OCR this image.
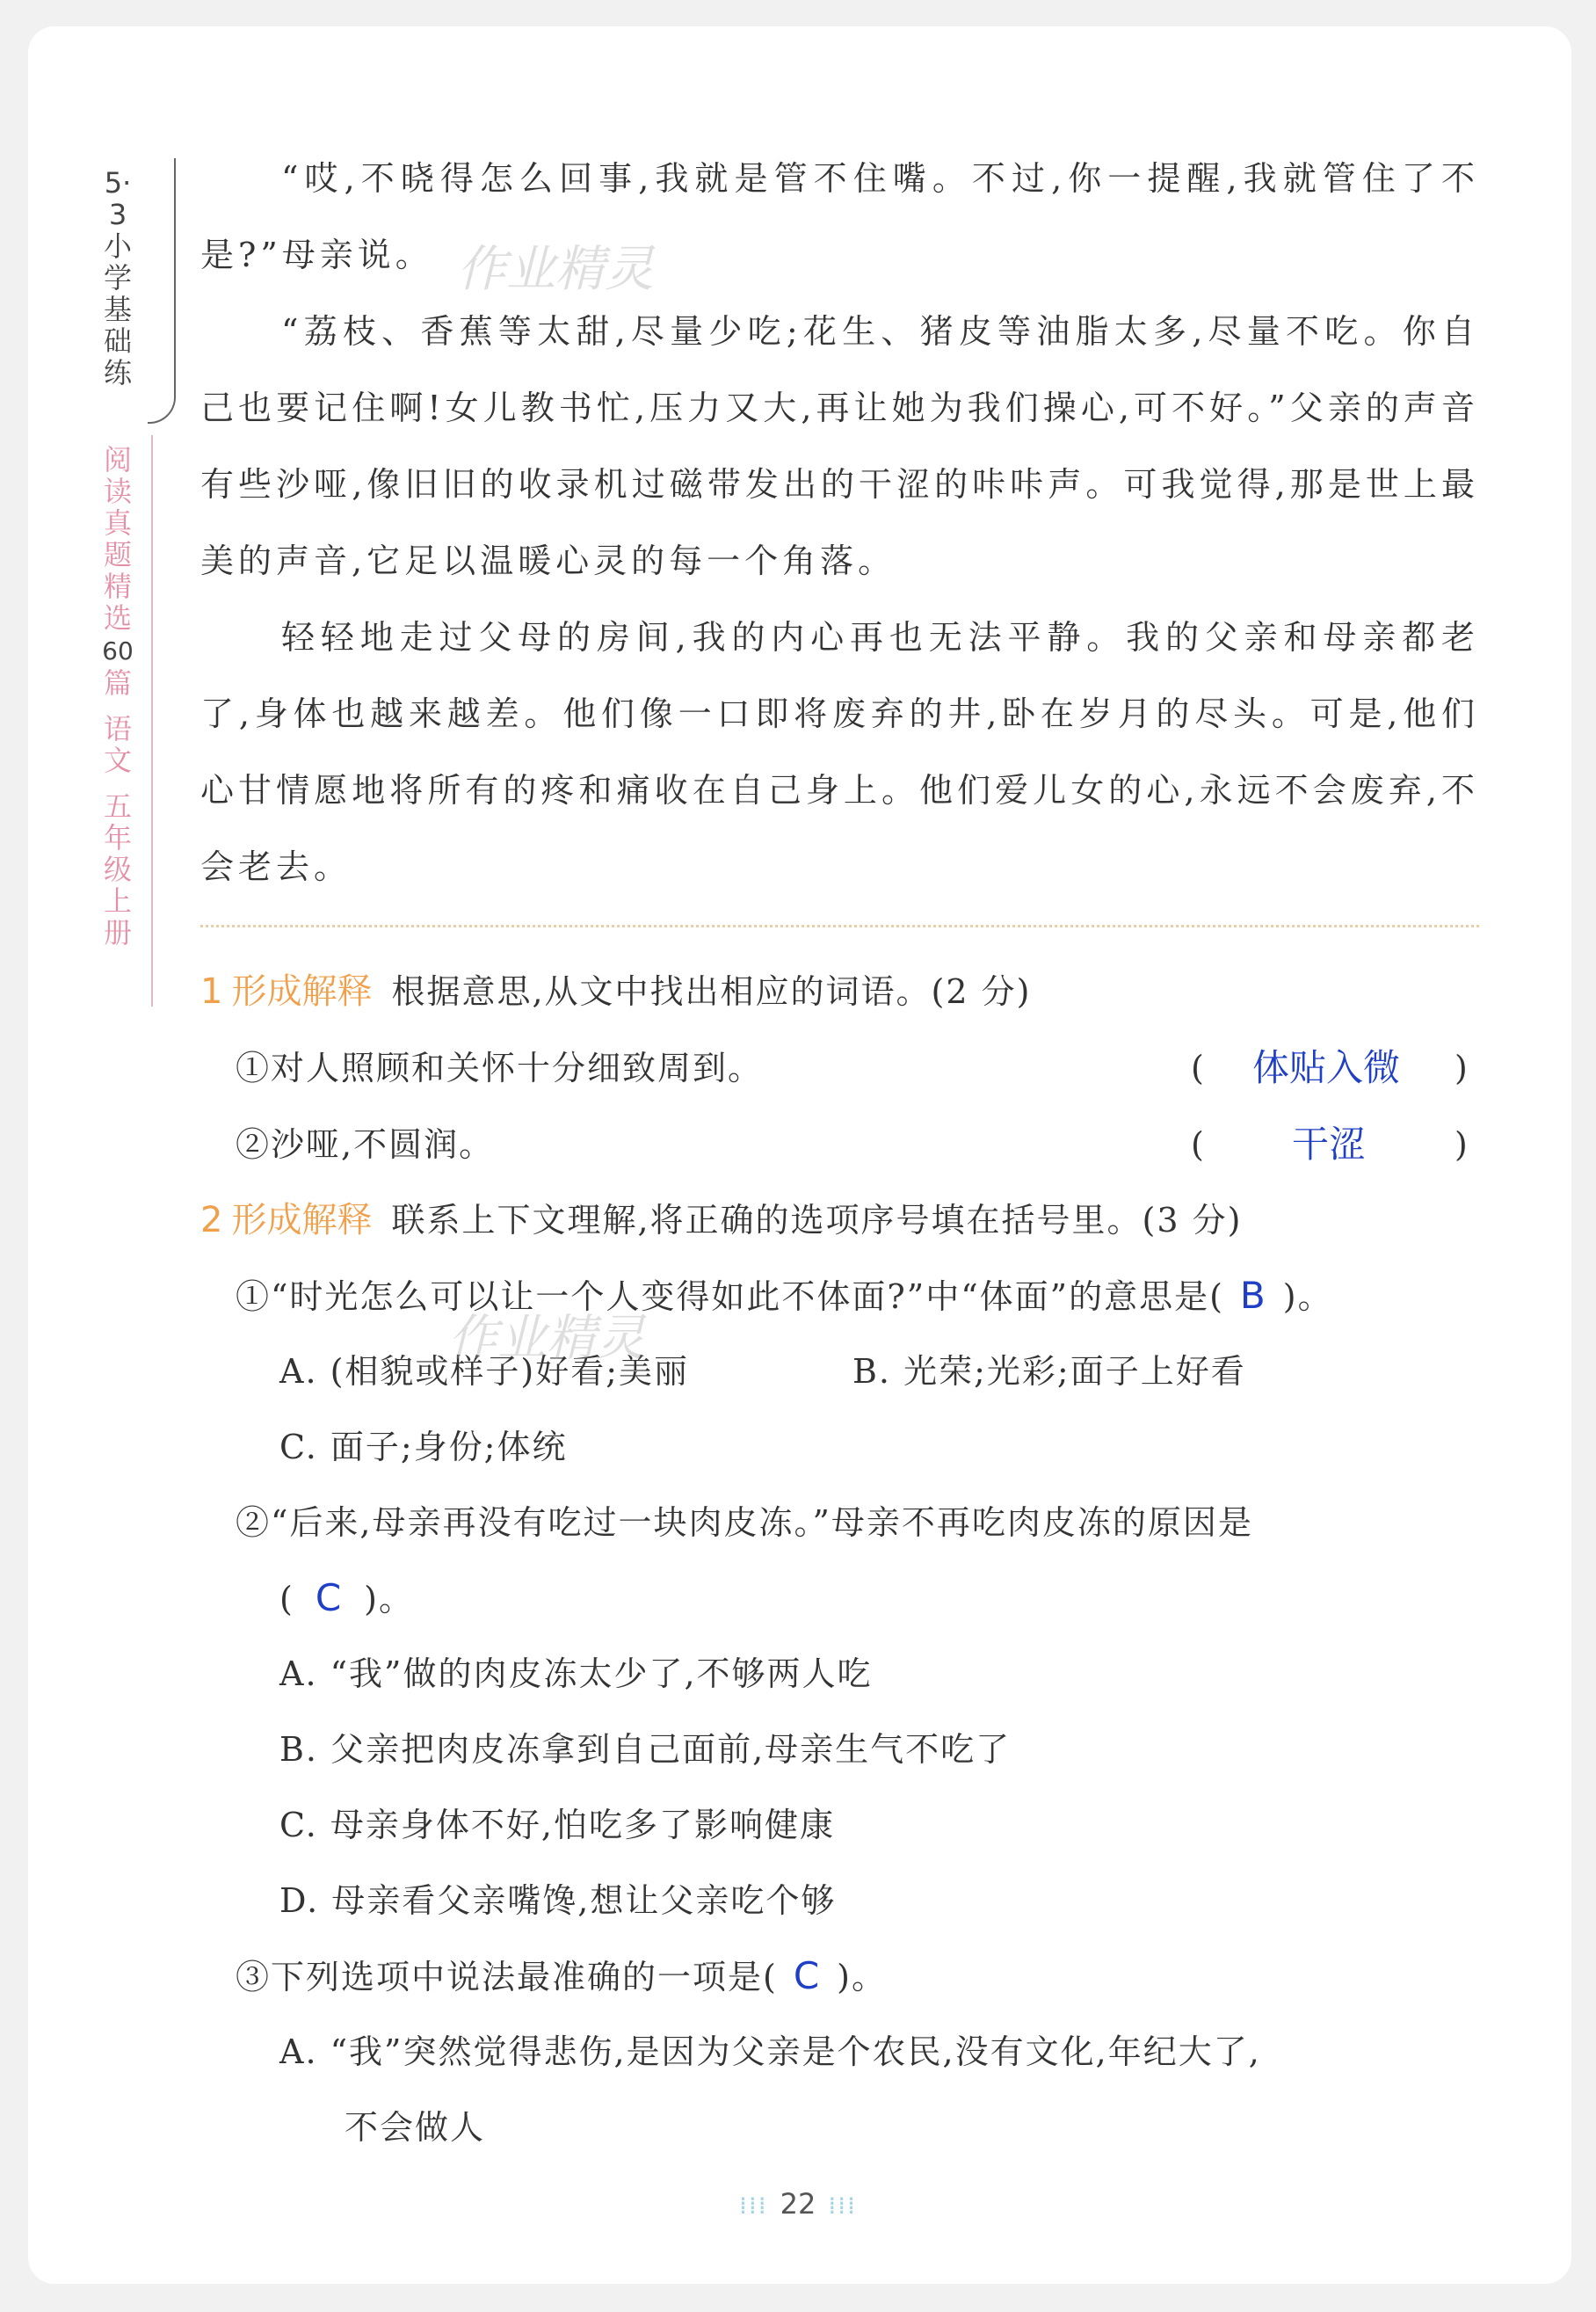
5·3小学基础练
阅读真题精选60篇
语文
五年级上册

“哎,不晓得怎么回事,我就是管不住嘴。不过,你一提醒,我就管住了不是?”母亲说。

“荔枝、香蕉等太甜,尽量少吃;花生、猪皮等油脂太多,尽量不吃。你自己也要记住啊!女儿教书忙,压力又大,再让她为我们操心,可不好。”父亲的声音有些沙哑,像旧旧的收录机过磁带发出的干涩的咔咔声。可我觉得,那是世上最美的声音,它足以温暖心灵的每一个角落。

轻轻地走过父母的房间,我的内心再也无法平静。我的父亲和母亲都老了,身体也越来越差。他们像一口即将废弃的井,卧在岁月的尽头。可是,他们心甘情愿地将所有的疼和痛收在自己身上。他们爱儿女的心,永远不会废弃,不会老去。

1 形成解释 根据意思,从文中找出相应的词语。(2 分)
①对人照顾和关怀十分细致周到。	( 体贴入微 )
②沙哑,不圆润。	( 干涩	)
2 形成解释 联系上下文理解,将正确的选项序号填在括号里。(3 分)
①“时光怎么可以让一个人变得如此不体面?”中“体面”的意思是( B )。
A. (相貌或样子)好看;美丽	B. 光荣;光彩;面子上好看
C. 面子;身份;体统
②“后来,母亲再没有吃过一块肉皮冻。”母亲不再吃肉皮冻的原因是
( C )。
A. “我”做的肉皮冻太少了,不够两人吃
B. 父亲把肉皮冻拿到自己面前,母亲生气不吃了
C. 母亲身体不好,怕吃多了影响健康
D. 母亲看父亲嘴馋,想让父亲吃个够
③下列选项中说法最准确的一项是( C )。
A. “我”突然觉得悲伤,是因为父亲是个农民,没有文化,年纪大了,
不会做人
作业精灵
作业精灵
⁞⁞⁞ 22 ⁞⁞⁞
